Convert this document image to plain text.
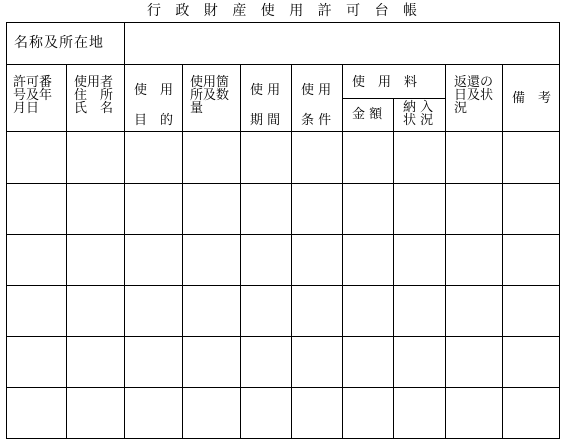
行 政 財 産 使 用 許 可 台 帳
名称及所在地
許可番
号及年
月日
使用者
住　所
氏　名
使　用
目　的
使用箇
所及数
量
使 用
期 間
使 用
条 件
使　用　料
金 額 納 入
状 況
返還の
日及状
況
備　考
